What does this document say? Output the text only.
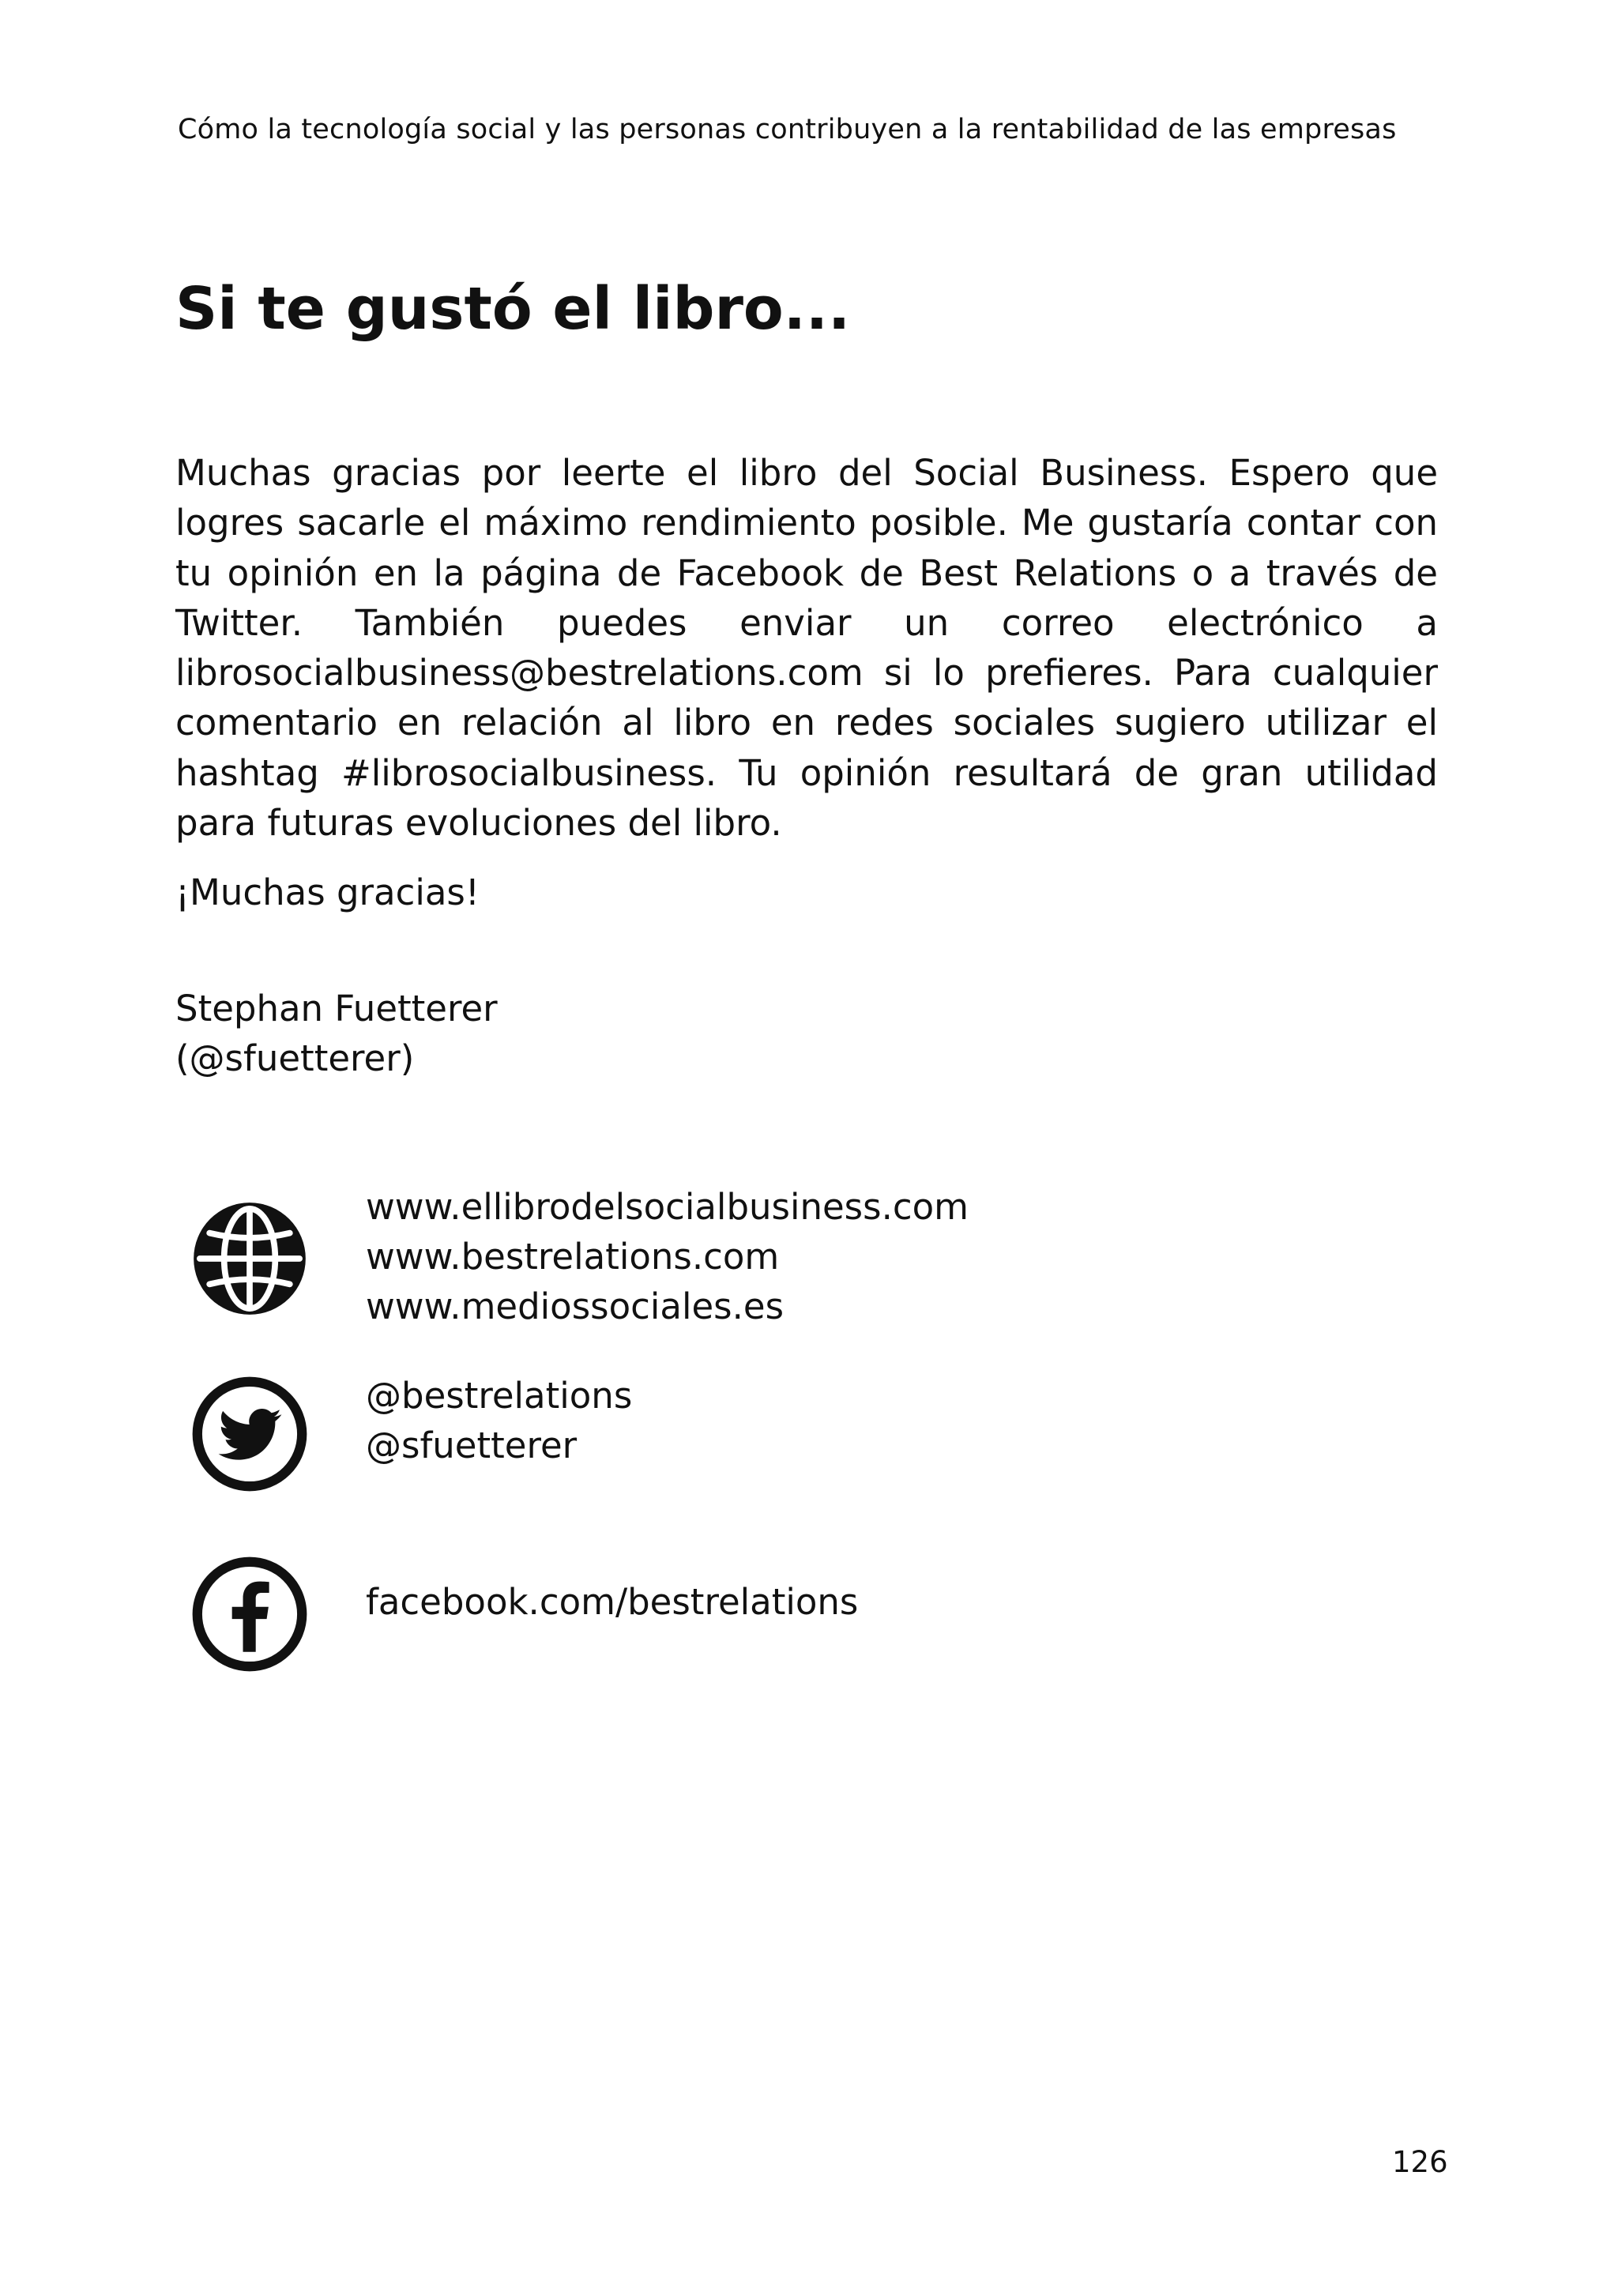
Cómo la tecnología social y las personas contribuyen a la rentabilidad de las empresas
Si te gustó el libro...

Muchas gracias por leerte el libro del Social Business. Espero que logres sacarle el máximo rendimiento posible. Me gustaría contar con tu opinión en la página de Facebook de Best Relations o a través de Twitter. También puedes enviar un correo electrónico a librosocialbusiness@bestrelations.com si lo prefieres. Para cualquier comentario en relación al libro en redes sociales sugiero utilizar el hashtag #librosocialbusiness. Tu opinión resultará de gran utilidad para futuras evoluciones del libro.

¡Muchas gracias!

Stephan Fuetterer
(@sfuetterer)
www.ellibrodelsocialbusiness.com
www.bestrelations.com
www.mediossociales.es
@bestrelations
@sfuetterer
facebook.com/bestrelations
126
